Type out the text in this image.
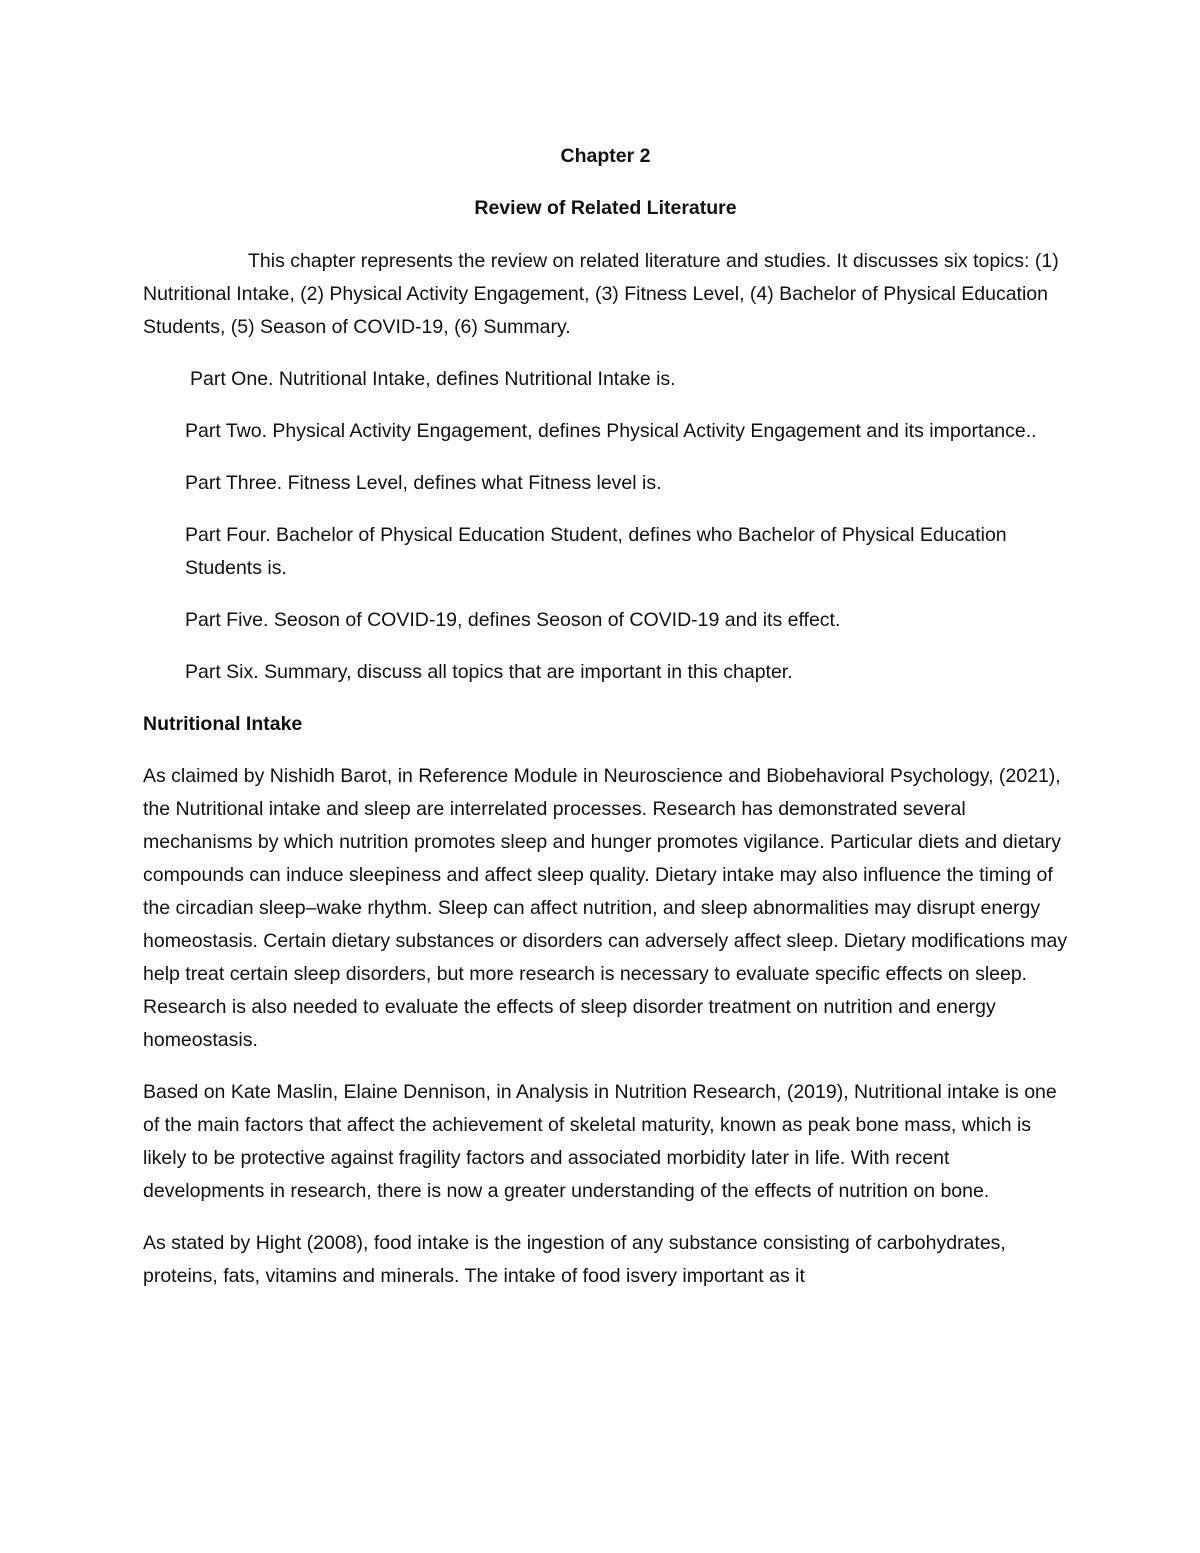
Chapter 2
Review of Related Literature

This chapter represents the review on related literature and studies. It discusses six topics: (1) Nutritional Intake, (2) Physical Activity Engagement, (3) Fitness Level, (4) Bachelor of Physical Education Students, (5) Season of COVID-19, (6) Summary.

Part One. Nutritional Intake, defines Nutritional Intake is.

Part Two. Physical Activity Engagement, defines Physical Activity Engagement and its importance..

Part Three. Fitness Level, defines what Fitness level is.

Part Four. Bachelor of Physical Education Student, defines who Bachelor of Physical Education Students is.

Part Five. Seoson of COVID-19, defines Seoson of COVID-19 and its effect.

Part Six. Summary, discuss all topics that are important in this chapter.

Nutritional Intake

As claimed by Nishidh Barot, in Reference Module in Neuroscience and Biobehavioral Psychology, (2021), the Nutritional intake and sleep are interrelated processes. Research has demonstrated several mechanisms by which nutrition promotes sleep and hunger promotes vigilance. Particular diets and dietary compounds can induce sleepiness and affect sleep quality. Dietary intake may also influence the timing of the circadian sleep–wake rhythm. Sleep can affect nutrition, and sleep abnormalities may disrupt energy homeostasis. Certain dietary substances or disorders can adversely affect sleep. Dietary modifications may help treat certain sleep disorders, but more research is necessary to evaluate specific effects on sleep. Research is also needed to evaluate the effects of sleep disorder treatment on nutrition and energy homeostasis.

Based on Kate Maslin, Elaine Dennison, in Analysis in Nutrition Research, (2019), Nutritional intake is one of the main factors that affect the achievement of skeletal maturity, known as peak bone mass, which is likely to be protective against fragility factors and associated morbidity later in life. With recent developments in research, there is now a greater understanding of the effects of nutrition on bone.

As stated by Hight (2008), food intake is the ingestion of any substance consisting of carbohydrates, proteins, fats, vitamins and minerals. The intake of food isvery important as it
